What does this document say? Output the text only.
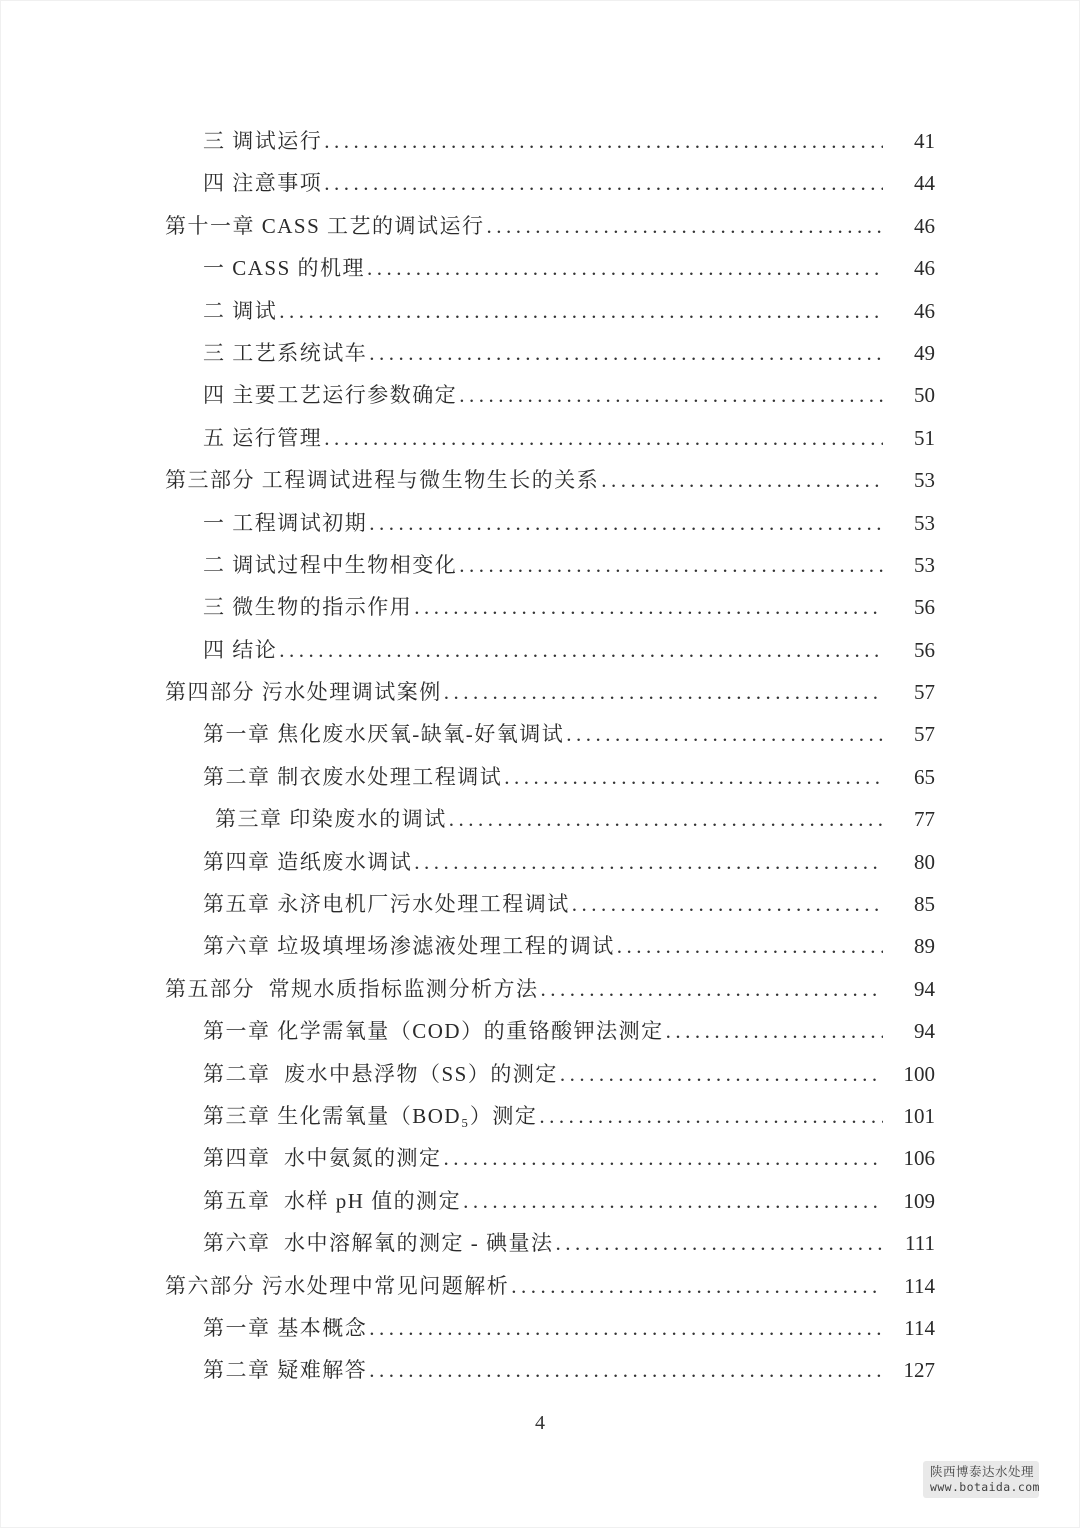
三 调试运行 .....	41
四 注意事项 .....	44
第十一章 CASS 工艺的调试运行 .....	46
一 CASS 的机理 .....	46
二 调试 .....	46
三 工艺系统试车 .....	49
四 主要工艺运行参数确定 .....	50
五 运行管理 .....	51
第三部分 工程调试进程与微生物生长的关系 .....	53
一 工程调试初期 .....	53
二 调试过程中生物相变化 .....	53
三 微生物的指示作用 .....	56
四 结论 .....	56
第四部分 污水处理调试案例 .....	57
第一章 焦化废水厌氧-缺氧-好氧调试 .....	57
第二章 制衣废水处理工程调试 .....	65
第三章 印染废水的调试 .....	77
第四章 造纸废水调试 .....	80
第五章 永济电机厂污水处理工程调试 .....	85
第六章 垃圾填埋场渗滤液处理工程的调试 .....	89
第五部分  常规水质指标监测分析方法 .....	94
第一章 化学需氧量（COD）的重铬酸钾法测定 .....	94
第二章  废水中悬浮物（SS）的测定 .....	100
第三章 生化需氧量（BOD₅）测定 .....	101
第四章  水中氨氮的测定 .....	106
第五章  水样 pH 值的测定 .....	109
第六章  水中溶解氧的测定 - 碘量法 .....	111
第六部分 污水处理中常见问题解析 .....	114
第一章 基本概念 .....	114
第二章 疑难解答 .....	127
4
陕西博泰达水处理
www.botaida.com
